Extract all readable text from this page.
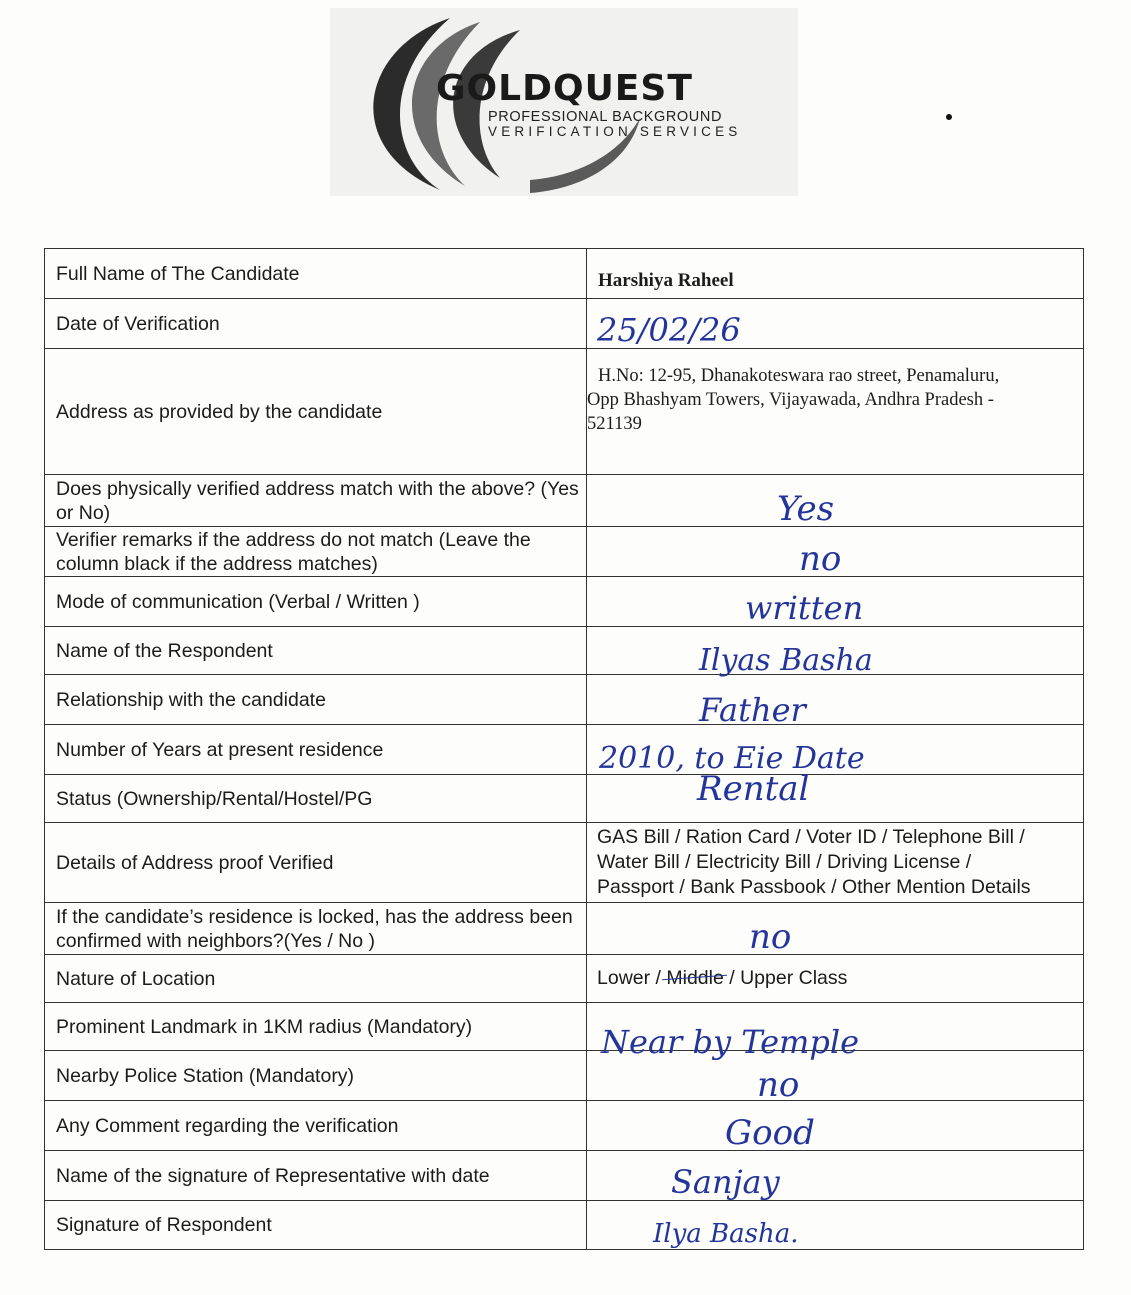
GOLDQUEST
PROFESSIONAL BACKGROUND
VERIFICATION SERVICES
Full Name of The Candidate	Harshiya Raheel

Date of Verification	25/02/26

Address as provided by the candidate	H.No: 12-95, Dhanakoteswara rao street, Penamaluru,
Opp Bhashyam Towers, Vijayawada, Andhra Pradesh -
521139

Does physically verified address match with the above? (Yes or No)	Yes

Verifier remarks if the address do not match (Leave the column black if the address matches)	no

Mode of communication (Verbal / Written )	written

Name of the Respondent	Ilyas Basha

Relationship with the candidate	Father

Number of Years at present residence	2010, to Eie Date

Status (Ownership/Rental/Hostel/PG	Rental

Details of Address proof Verified	GAS Bill / Ration Card / Voter ID / Telephone Bill /
Water Bill / Electricity Bill / Driving License /
Passport / Bank Passbook / Other Mention Details

If the candidate’s residence is locked, has the address been confirmed with neighbors?(Yes / No )	no

Nature of Location	Lower / Middle / Upper Class

Prominent Landmark in 1KM radius (Mandatory)	Near by Temple

Nearby Police Station (Mandatory)	no

Any Comment regarding the verification	Good

Name of the signature of Representative with date	Sanjay

Signature of Respondent	Ilya Basha.
